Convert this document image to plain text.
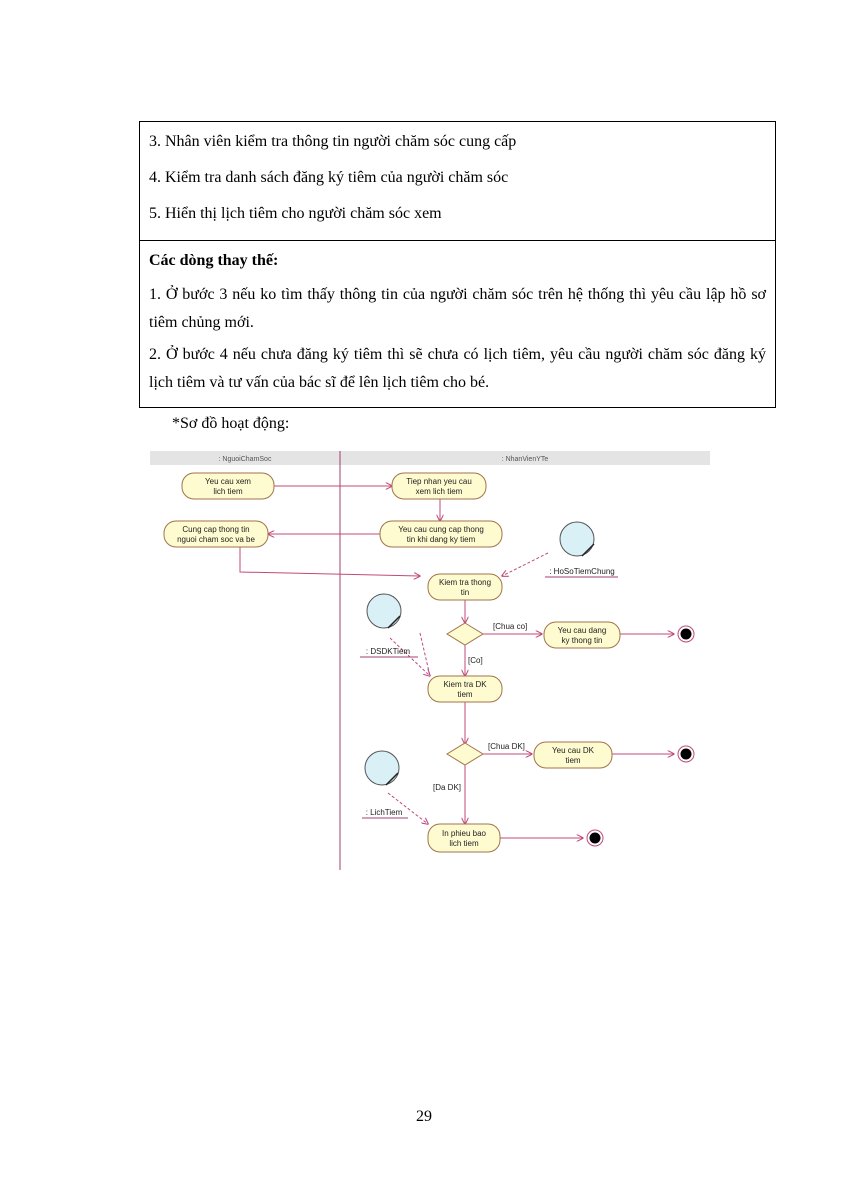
3. Nhân viên kiểm tra thông tin người chăm sóc cung cấp

4. Kiểm tra danh sách đăng ký tiêm của người chăm sóc

5. Hiển thị lịch tiêm cho người chăm sóc xem

Các dòng thay thế:

1. Ở bước 3 nếu ko tìm thấy thông tin của người chăm sóc trên hệ thống thì yêu cầu lập hồ sơ tiêm chủng mới.

2. Ở bước 4 nếu chưa đăng ký tiêm thì sẽ chưa có lịch tiêm, yêu cầu người chăm sóc đăng ký lịch tiêm và tư vấn của bác sĩ để lên lịch tiêm cho bé.

*Sơ đồ hoạt động:
: NguoiChamSoc	: NhanVienYTe
Yeu cau xem
lich tiem
Tiep nhan yeu cau
xem lich tiem
Cung cap thong tin
nguoi cham soc va be
Yeu cau cung cap thong
tin khi dang ky tiem
Kiem tra thong
tin
Yeu cau dang
ky thong tin
Kiem tra DK
tiem
Yeu cau DK
tiem
In phieu bao
lich tiem
[Chua co]
[Co]
[Chua DK]
[Da DK]
: HoSoTiemChung
: DSDKTiem
: LichTiem
29
